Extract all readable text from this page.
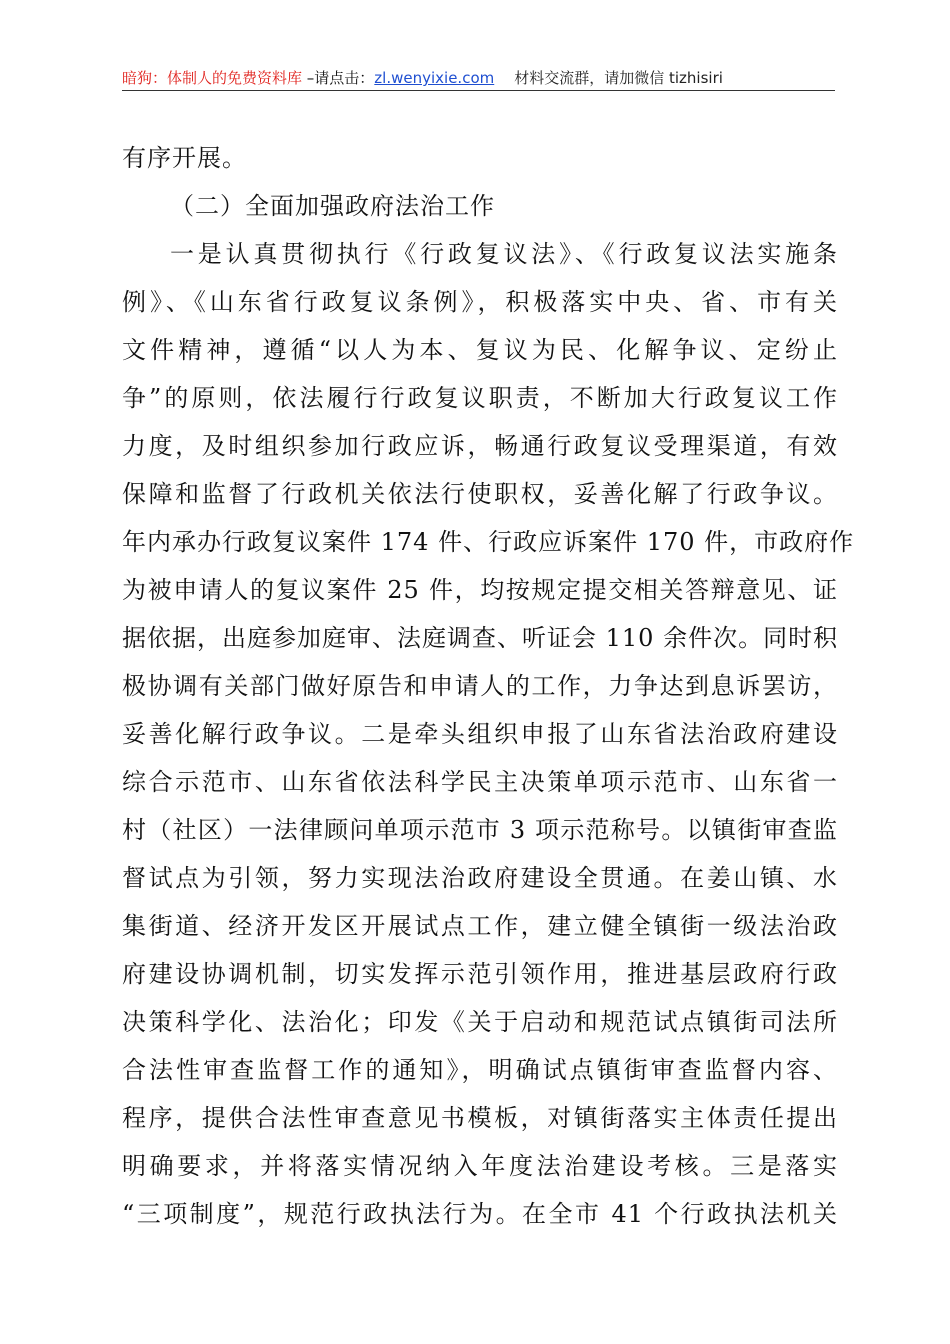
暗狗：体制人的免费资料库 –请点击：zl.wenyixie.com 材料交流群，请加微信 tizhisiri
有序开展。
（二）全面加强政府法治工作
一是认真贯彻执行《行政复议法》、《行政复议法实施条
例》、《山东省行政复议条例》，积极落实中央、省、市有关
文件精神，遵循“以人为本、复议为民、化解争议、定纷止
争”的原则，依法履行行政复议职责，不断加大行政复议工作
力度，及时组织参加行政应诉，畅通行政复议受理渠道，有效
保障和监督了行政机关依法行使职权，妥善化解了行政争议。
年内承办行政复议案件 174 件、行政应诉案件 170 件，市政府作
为被申请人的复议案件 25 件，均按规定提交相关答辩意见、证
据依据，出庭参加庭审、法庭调查、听证会 110 余件次。同时积
极协调有关部门做好原告和申请人的工作，力争达到息诉罢访，
妥善化解行政争议。二是牵头组织申报了山东省法治政府建设
综合示范市、山东省依法科学民主决策单项示范市、山东省一
村（社区）一法律顾问单项示范市 3 项示范称号。以镇街审查监
督试点为引领，努力实现法治政府建设全贯通。在姜山镇、水
集街道、经济开发区开展试点工作，建立健全镇街一级法治政
府建设协调机制，切实发挥示范引领作用，推进基层政府行政
决策科学化、法治化；印发《关于启动和规范试点镇街司法所
合法性审查监督工作的通知》，明确试点镇街审查监督内容、
程序，提供合法性审查意见书模板，对镇街落实主体责任提出
明确要求，并将落实情况纳入年度法治建设考核。三是落实
“三项制度”，规范行政执法行为。在全市 41 个行政执法机关
